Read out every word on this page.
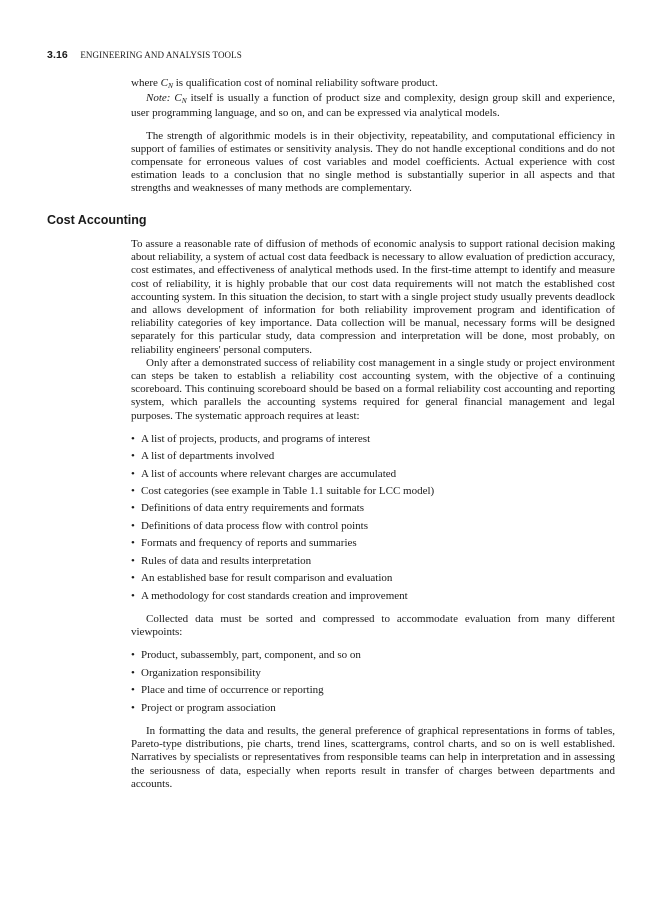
3.16 ENGINEERING AND ANALYSIS TOOLS

where $C_N$ is qualification cost of nominal reliability software product.

Note: $C_N$ itself is usually a function of product size and complexity, design group skill and experience, user programming language, and so on, and can be expressed via analytical models.

The strength of algorithmic models is in their objectivity, repeatability, and computational efficiency in support of families of estimates or sensitivity analysis. They do not handle exceptional conditions and do not compensate for erroneous values of cost variables and model coefficients. Actual experience with cost estimation leads to a conclusion that no single method is substantially superior in all aspects and that strengths and weaknesses of many methods are complementary.

Cost Accounting

To assure a reasonable rate of diffusion of methods of economic analysis to support rational decision making about reliability, a system of actual cost data feedback is necessary to allow evaluation of prediction accuracy, cost estimates, and effectiveness of analytical methods used. In the first-time attempt to identify and measure cost of reliability, it is highly probable that our cost data requirements will not match the established cost accounting system. In this situation the decision, to start with a single project study usually prevents deadlock and allows development of information for both reliability improvement program and identification of reliability categories of key importance. Data collection will be manual, necessary forms will be designed separately for this particular study, data compression and interpretation will be done, most probably, on reliability engineers' personal computers.

Only after a demonstrated success of reliability cost management in a single study or project environment can steps be taken to establish a reliability cost accounting system, with the objective of a continuing scoreboard. This continuing scoreboard should be based on a formal reliability cost accounting and reporting system, which parallels the accounting systems required for general financial management and legal purposes. The systematic approach requires at least:

• A list of projects, products, and programs of interest
• A list of departments involved
• A list of accounts where relevant charges are accumulated
• Cost categories (see example in Table 1.1 suitable for LCC model)
• Definitions of data entry requirements and formats
• Definitions of data process flow with control points
• Formats and frequency of reports and summaries
• Rules of data and results interpretation
• An established base for result comparison and evaluation
• A methodology for cost standards creation and improvement

Collected data must be sorted and compressed to accommodate evaluation from many different viewpoints:

• Product, subassembly, part, component, and so on
• Organization responsibility
• Place and time of occurrence or reporting
• Project or program association

In formatting the data and results, the general preference of graphical representations in forms of tables, Pareto-type distributions, pie charts, trend lines, scattergrams, control charts, and so on is well established. Narratives by specialists or representatives from responsible teams can help in interpretation and in assessing the seriousness of data, especially when reports result in transfer of charges between departments and accounts.
